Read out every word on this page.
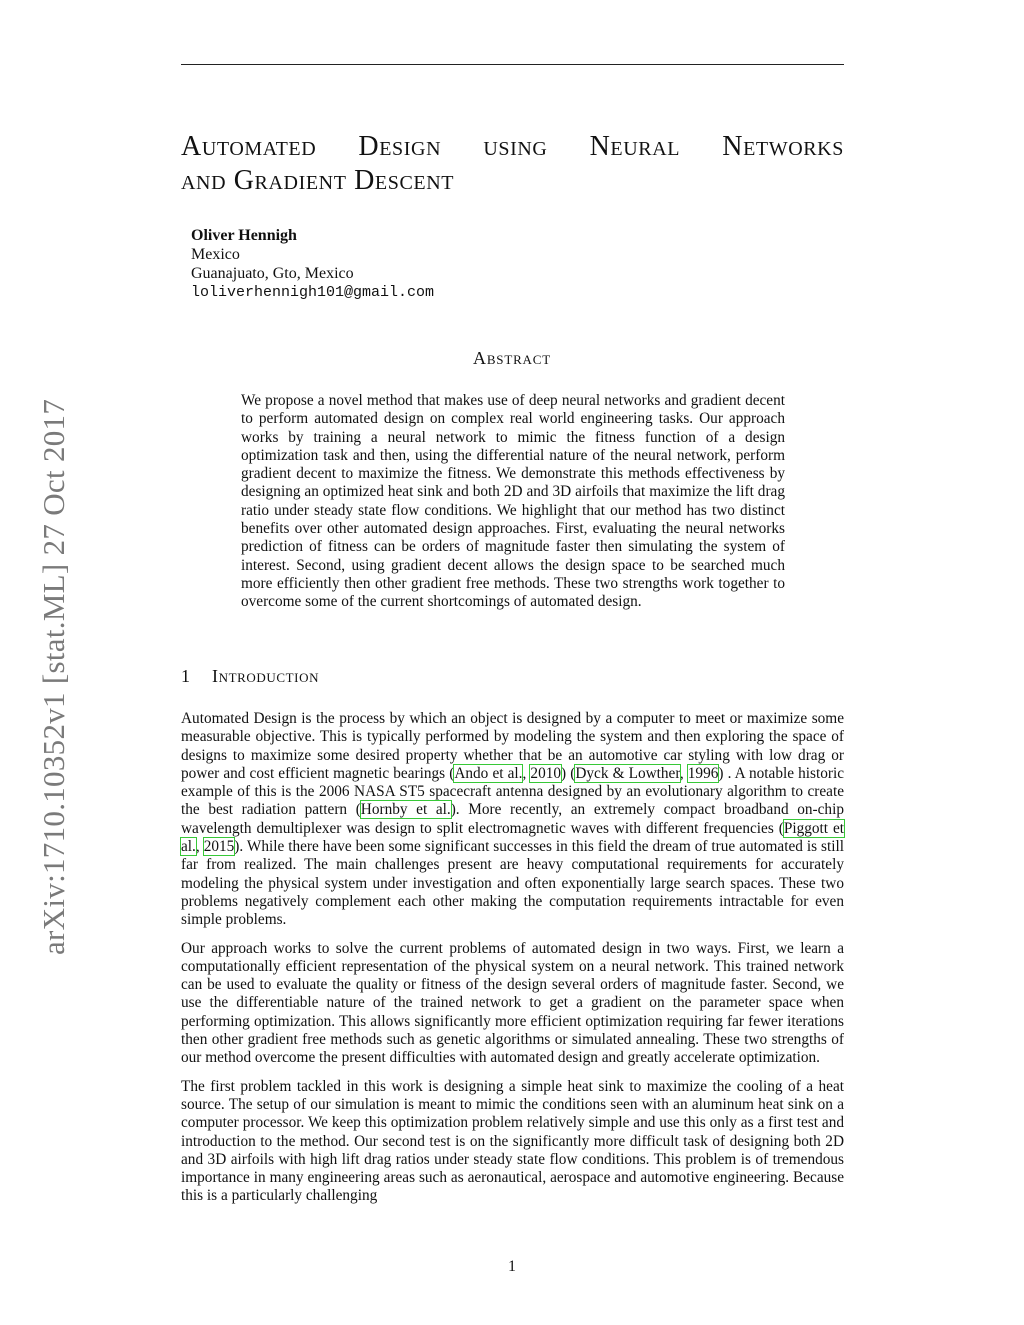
arXiv:1710.10352v1 [stat.ML] 27 Oct 2017
Automated Design using Neural Networks
and Gradient Descent
Oliver Hennigh
Mexico
Guanajuato, Gto, Mexico
loliverhennigh101@gmail.com
Abstract
We propose a novel method that makes use of deep neural networks and gradient decent to perform automated design on complex real world engineering tasks. Our approach works by training a neural network to mimic the fitness function of a design optimization task and then, using the differential nature of the neural network, perform gradient decent to maximize the fitness. We demonstrate this methods effectiveness by designing an optimized heat sink and both 2D and 3D airfoils that maximize the lift drag ratio under steady state flow conditions. We highlight that our method has two distinct benefits over other automated design approaches. First, evaluating the neural networks prediction of fitness can be orders of magnitude faster then simulating the system of interest. Second, using gradient decent allows the design space to be searched much more efficiently then other gradient free methods. These two strengths work together to overcome some of the current shortcomings of automated design.
1 Introduction

Automated Design is the process by which an object is designed by a computer to meet or maximize some measurable objective. This is typically performed by modeling the system and then exploring the space of designs to maximize some desired property whether that be an automotive car styling with low drag or power and cost efficient magnetic bearings (Ando et al., 2010) (Dyck & Lowther, 1996) . A notable historic example of this is the 2006 NASA ST5 spacecraft antenna designed by an evolutionary algorithm to create the best radiation pattern (Hornby et al.). More recently, an extremely compact broadband on-chip wavelength demultiplexer was design to split electromagnetic waves with different frequencies (Piggott et al., 2015). While there have been some significant successes in this field the dream of true automated is still far from realized. The main challenges present are heavy computational requirements for accurately modeling the physical system under investigation and often exponentially large search spaces. These two problems negatively complement each other making the computation requirements intractable for even simple problems.

Our approach works to solve the current problems of automated design in two ways. First, we learn a computationally efficient representation of the physical system on a neural network. This trained network can be used to evaluate the quality or fitness of the design several orders of magnitude faster. Second, we use the differentiable nature of the trained network to get a gradient on the parameter space when performing optimization. This allows significantly more efficient optimization requiring far fewer iterations then other gradient free methods such as genetic algorithms or simulated annealing. These two strengths of our method overcome the present difficulties with automated design and greatly accelerate optimization.

The first problem tackled in this work is designing a simple heat sink to maximize the cooling of a heat source. The setup of our simulation is meant to mimic the conditions seen with an aluminum heat sink on a computer processor. We keep this optimization problem relatively simple and use this only as a first test and introduction to the method. Our second test is on the significantly more difficult task of designing both 2D and 3D airfoils with high lift drag ratios under steady state flow conditions. This problem is of tremendous importance in many engineering areas such as aeronautical, aerospace and automotive engineering. Because this is a particularly challenging

1
